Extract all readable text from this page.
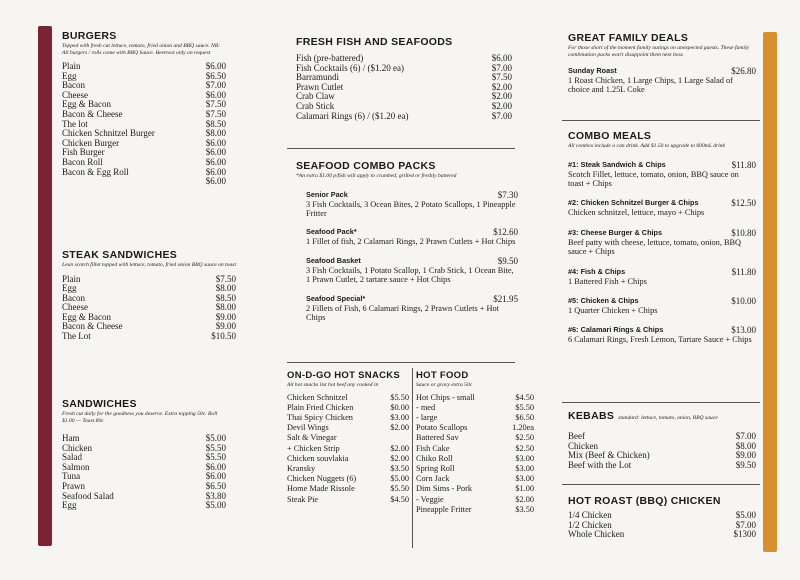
BURGERS
Topped with fresh cut lettuce, tomato, fried onion and BBQ sauce. NB: All burgers / rolls come with BBQ Sauce. Beetroot only on request
Plain	$6.00
Egg	$6.50
Bacon	$7.00
Cheese	$6.00
Egg & Bacon	$7.50
Bacon & Cheese	$7.50
The lot	$8.50
Chicken Schnitzel Burger	$8.00
Chicken Burger	$6.00
Fish Burger	$6.00
Bacon Roll	$6.00
Bacon & Egg Roll	$6.00
$6.00
STEAK SANDWICHES
Lean scotch fillet topped with lettuce, tomato, fried onion BBQ sauce on toast
Plain	$7.50
Egg	$8.00
Bacon	$8.50
Cheese	$8.00
Egg & Bacon	$9.00
Bacon & Cheese	$9.00
The Lot	$10.50
SANDWICHES
Fresh cut daily for the goodness you deserve. Extra topping 50c. Roll $1.00 — Toast 80c
Ham	$5.00
Chicken	$5.50
Salad	$5.50
Salmon	$6.00
Tuna	$6.00
Prawn	$6.50
Seafood Salad	$3.80
Egg	$5.00
FRESH FISH AND SEAFOODS
Fish (pre-battered)	$6.00
Fish Cocktails (6) / ($1.20 ea)	$7.00
Barramundi	$7.50
Prawn Cutlet	$2.00
Crab Claw	$2.00
Crab Stick	$2.00
Calamari Rings (6) / ($1.20 ea)	$7.00
SEAFOOD COMBO PACKS
*An extra $1.00 p/fish will apply to crumbed, grilled or freshly battered
Senior Pack	$7.30
3 Fish Cocktails, 3 Ocean Bites, 2 Potato Scallops, 1 Pineapple Fritter
Seafood Pack*	$12.60
1 Fillet of fish, 2 Calamari Rings, 2 Prawn Cutlets + Hot Chips
Seafood Basket	$9.50
3 Fish Cocktails, 1 Potato Scallop, 1 Crab Stick, 1 Ocean Bite, 1 Prawn Cutlet, 2 tartare sauce + Hot Chips
Seafood Special*	$21.95
2 Fillets of Fish, 6 Calamari Rings, 2 Prawn Cutlets + Hot Chips
ON-D-GO HOT SNACKS
All hot snacks list hot beef any cooked in
Chicken Schnitzel	$5.50
Plain Fried Chicken	$0.00
Thai Spicy Chicken	$3.00
Devil Wings	$2.00
Salt & Vinegar
+ Chicken Strip	$2.00
Chicken souvlakia	$2.00
Kransky	$3.50
Chicken Nuggets (6)	$5.00
Home Made Rissole	$5.50
Steak Pie	$4.50
HOT FOOD
Sauce or gravy extra 50c
Hot Chips - small	$4.50
- med	$5.50
- large	$6.50
Potato Scallops	1.20ea
Battered Sav	$2.50
Fish Cake	$2.50
Chiko Roll	$3.00
Spring Roll	$3.00
Corn Jack	$3.00
Dim Sims - Pork	$1.00
- Veggie	$2.00
Pineapple Fritter	$3.50
GREAT FAMILY DEALS
For those short of the moment family outings on unexpected guests. These family combination packs won't disappoint them next boss
Sunday Roast	$26.80
1 Roast Chicken, 1 Large Chips, 1 Large Salad of choice and 1.25L Coke
COMBO MEALS
All combos include a can drink. Add $1.50 to upgrade to 600mL drink
#1: Steak Sandwich & Chips	$11.80
Scotch Fillet, lettuce, tomato, onion, BBQ sauce on toast + Chips
#2: Chicken Schnitzel Burger & Chips	$12.50
Chicken schnitzel, lettuce, mayo + Chips
#3: Cheese Burger & Chips	$10.80
Beef patty with cheese, lettuce, tomato, onion, BBQ sauce + Chips
#4: Fish & Chips	$11.80
1 Battered Fish + Chips
#5: Chicken & Chips	$10.00
1 Quarter Chicken + Chips
#6: Calamari Rings & Chips	$13.00
6 Calamari Rings, Fresh Lemon, Tartare Sauce + Chips
KEBABS standard: lettuce, tomato, onion, BBQ sauce
Beef	$7.00
Chicken	$8.00
Mix (Beef & Chicken)	$9.00
Beef with the Lot	$9.50
HOT ROAST (BBQ) CHICKEN
1/4 Chicken	$5.00
1/2 Chicken	$7.00
Whole Chicken	$1300
